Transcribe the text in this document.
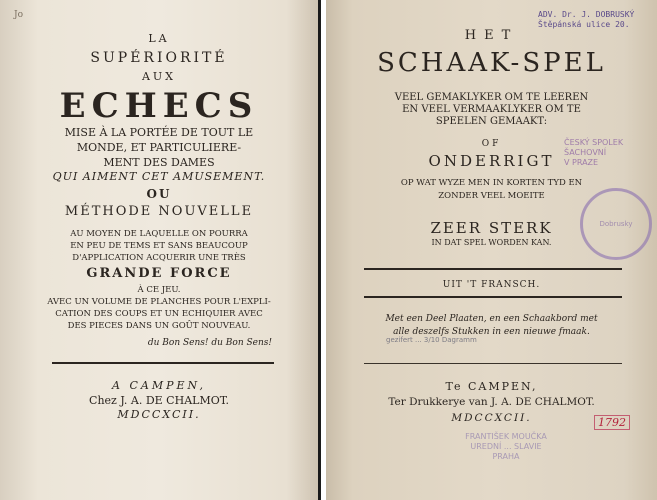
Jo
LA
SUPÉRIORITÉ
AUX
ECHECS
MISE À LA PORTÉE DE TOUT LE
MONDE, ET PARTICULIERE-
MENT DES DAMES
QUI AIMENT CET AMUSEMENT.
OU
MÉTHODE NOUVELLE
AU MOYEN DE LAQUELLE ON POURRA
EN PEU DE TEMS ET SANS BEAUCOUP
D'APPLICATION ACQUERIR UNE TRÈS
GRANDE FORCE
À CE JEU.
AVEC UN VOLUME DE PLANCHES POUR L'EXPLI-
CATION DES COUPS ET UN ECHIQUIER AVEC
DES PIECES DANS UN GOÛT NOUVEAU.
du Bon Sens! du Bon Sens!
A CAMPEN,
Chez J. A. DE CHALMOT.
MDCCXCII.
ADV. Dr. J. DOBRUSKÝ
Štěpánská ulice 20.
HET
SCHAAK-SPEL
VEEL GEMAKLYKER OM TE LEEREN
EN VEEL VERMAAKLYKER OM TE
SPEELEN GEMAAKT:
ČESKÝ SPOLEK ŠACHOVNÍ
V PRAZE
OF
ONDERRIGT
OP WAT WYZE MEN IN KORTEN TYD EN
ZONDER VEEL MOEITE
ZEER STERK
IN DAT SPEL WORDEN KAN.
Dobrusky
UIT 'T FRANSCH.
Met een Deel Plaaten, en een Schaakbord met
alle deszelfs Stukken in een nieuwe fmaak.
gezifert ... 3/10 Dagramm
Te CAMPEN,
Ter Drukkerye van J. A. DE CHALMOT.
MDCCXCII.	1792
FRANTIŠEK MOUČKA
UREDNÍ ... SLAVIE
PRAHA
